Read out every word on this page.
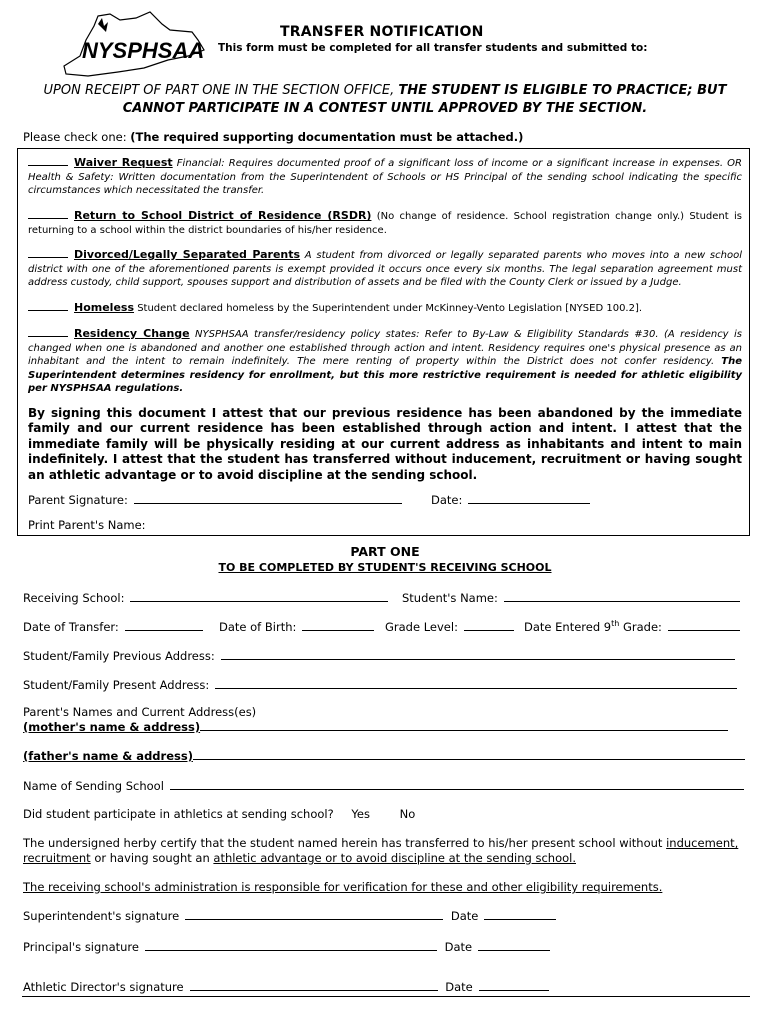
NYSPHSAA
TRANSFER NOTIFICATION
This form must be completed for all transfer students and submitted to:
UPON RECEIPT OF PART ONE IN THE SECTION OFFICE, THE STUDENT IS ELIGIBLE TO PRACTICE; BUT CANNOT PARTICIPATE IN A CONTEST UNTIL APPROVED BY THE SECTION.
Please check one: (The required supporting documentation must be attached.)
Waiver Request Financial: Requires documented proof of a significant loss of income or a significant increase in expenses. OR Health & Safety: Written documentation from the Superintendent of Schools or HS Principal of the sending school indicating the specific circumstances which necessitated the transfer.
Return to School District of Residence (RSDR) (No change of residence. School registration change only.) Student is returning to a school within the district boundaries of his/her residence.
Divorced/Legally Separated Parents A student from divorced or legally separated parents who moves into a new school district with one of the aforementioned parents is exempt provided it occurs once every six months. The legal separation agreement must address custody, child support, spouses support and distribution of assets and be filed with the County Clerk or issued by a Judge.
Homeless Student declared homeless by the Superintendent under McKinney-Vento Legislation [NYSED 100.2].
Residency Change NYSPHSAA transfer/residency policy states: Refer to By-Law & Eligibility Standards #30. (A residency is changed when one is abandoned and another one established through action and intent. Residency requires one's physical presence as an inhabitant and the intent to remain indefinitely. The mere renting of property within the District does not confer residency. The Superintendent determines residency for enrollment, but this more restrictive requirement is needed for athletic eligibility per NYSPHSAA regulations.
By signing this document I attest that our previous residence has been abandoned by the immediate family and our current residence has been established through action and intent. I attest that the immediate family will be physically residing at our current address as inhabitants and intent to main indefinitely. I attest that the student has transferred without inducement, recruitment or having sought an athletic advantage or to avoid discipline at the sending school.
Parent Signature:	Date:
Print Parent's Name:
PART ONE
TO BE COMPLETED BY STUDENT'S RECEIVING SCHOOL
Receiving School:	Student's Name:
Date of Transfer:	Date of Birth:	Grade Level:	Date Entered 9th Grade:
Student/Family Previous Address:
Student/Family Present Address:
Parent's Names and Current Address(es)
(mother's name & address)
(father's name & address)
Name of Sending School
Did student participate in athletics at sending school? Yes	No
The undersigned herby certify that the student named herein has transferred to his/her present school without inducement,
recruitment or having sought an athletic advantage or to avoid discipline at the sending school.
The receiving school's administration is responsible for verification for these and other eligibility requirements.
Superintendent's signature	Date
Principal's signature	Date
Athletic Director's signature	Date
